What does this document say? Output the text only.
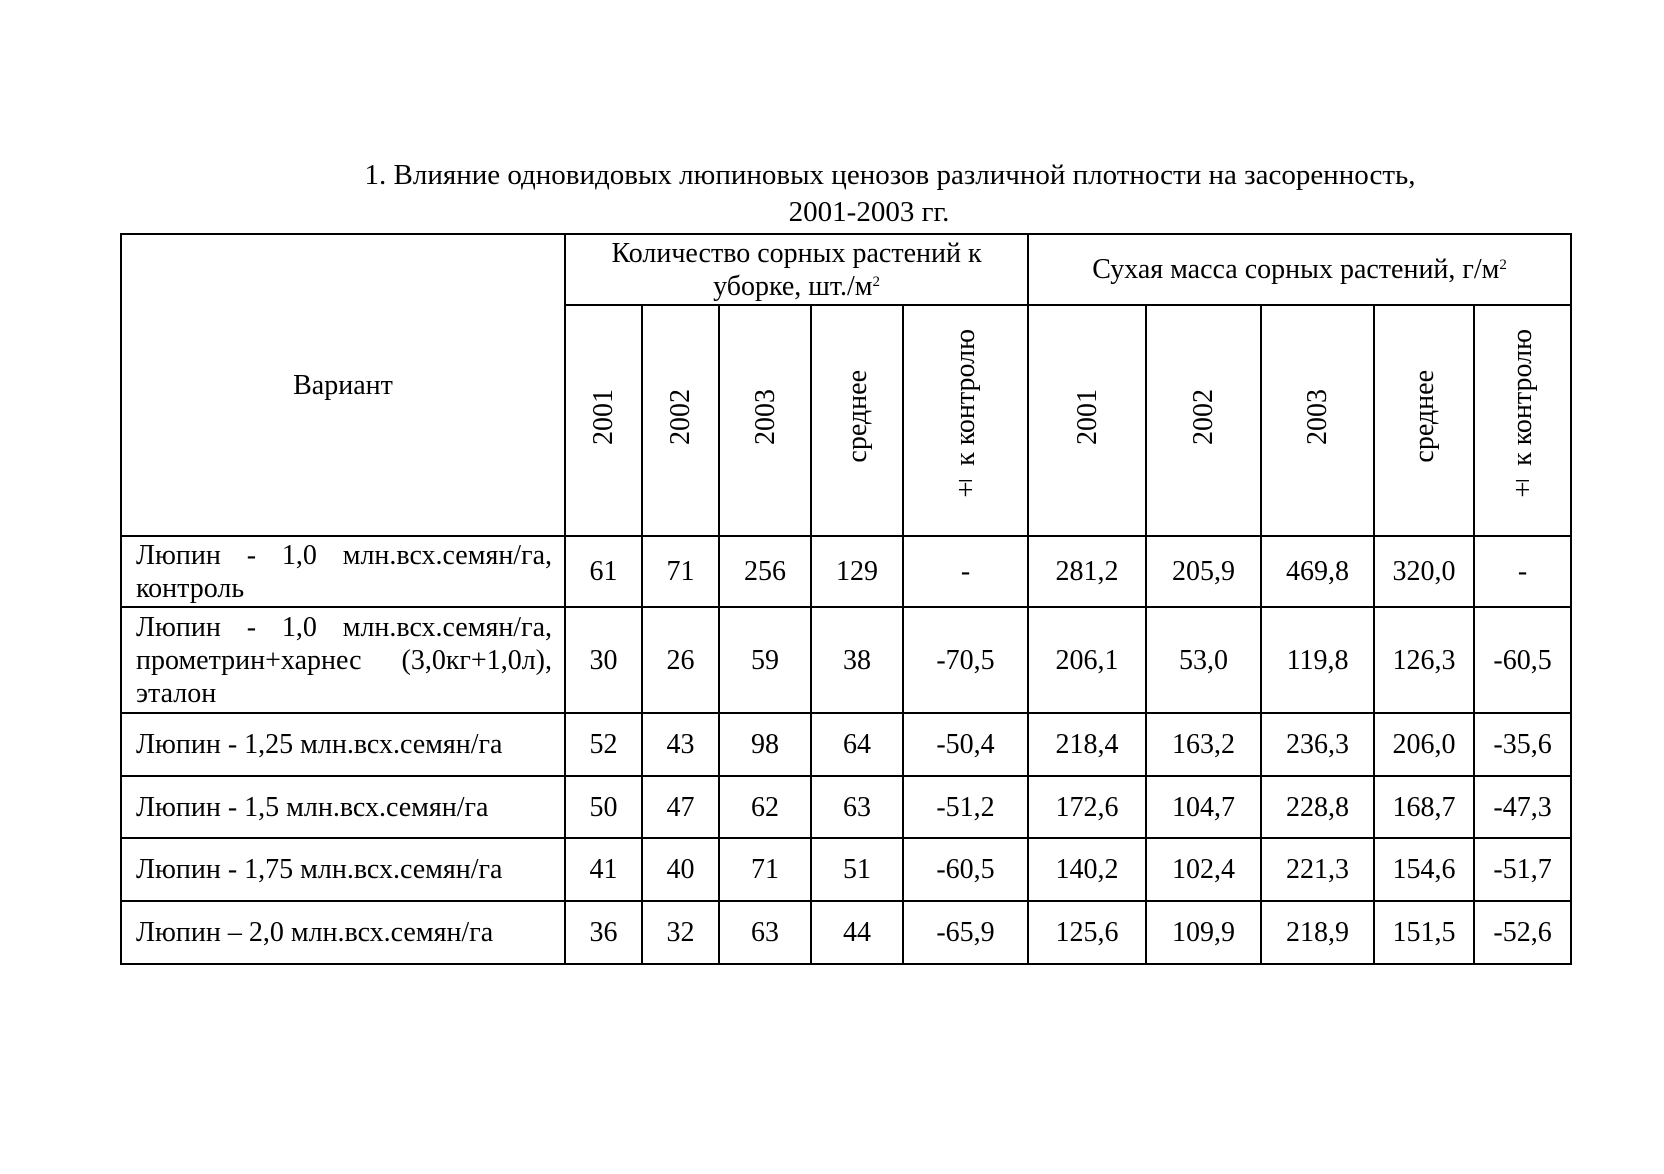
1. Влияние одновидовых люпиновых ценозов различной плотности на засоренность,
2001-2003 гг.
Вариант	Количество сорных растений к уборке, $шт./м^2$					Сухая масса сорных растений, $г/м^2$
	2001	2002	2003	среднее	± к контролю	2001	2002	2003	среднее	± к контролю
Люпин - 1,0 млн.всх.семян/га, контроль	61	71	256	129	-	281,2	205,9	469,8	320,0	-
Люпин - 1,0 млн.всх.семян/га, прометрин+харнес (3,0кг+1,0л), эталон	30	26	59	38	-70,5	206,1	53,0	119,8	126,3	-60,5
Люпин - 1,25 млн.всх.семян/га	52	43	98	64	-50,4	218,4	163,2	236,3	206,0	-35,6
Люпин - 1,5 млн.всх.семян/га	50	47	62	63	-51,2	172,6	104,7	228,8	168,7	-47,3
Люпин - 1,75 млн.всх.семян/га	41	40	71	51	-60,5	140,2	102,4	221,3	154,6	-51,7
Люпин – 2,0 млн.всх.семян/га	36	32	63	44	-65,9	125,6	109,9	218,9	151,5	-52,6
